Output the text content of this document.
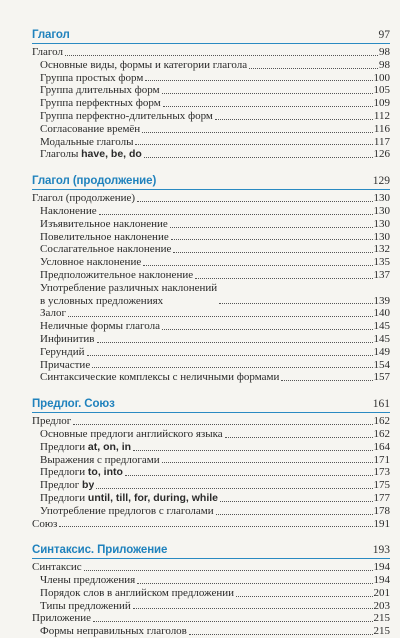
Глагол	97
Глагол	98
Основные виды, формы и категории глагола	98
Группа простых форм	100
Группа длительных форм	105
Группа перфектных форм	109
Группа перфектно-длительных форм	112
Согласование времён	116
Модальные глаголы	117
Глаголы have, be, do	126
Глагол (продолжение)	129
Глагол (продолжение)	130
Наклонение	130
Изъявительное наклонение	130
Повелительное наклонение	130
Сослагательное наклонение	132
Условное наклонение	135
Предположительное наклонение	137
Употребление различных наклонений
в условных предложениях	139
Залог	140
Неличные формы глагола	145
Инфинитив	145
Герундий	149
Причастие	154
Синтаксические комплексы с неличными формами	157
Предлог. Союз	161
Предлог	162
Основные предлоги английского языка	162
Предлоги at, on, in	164
Выражения с предлогами	171
Предлоги to, into	173
Предлог by	175
Предлоги until, till, for, during, while	177
Употребление предлогов с глаголами	178
Союз	191
Синтаксис. Приложение	193
Синтаксис	194
Члены предложения	194
Порядок слов в английском предложении	201
Типы предложений	203
Приложение	215
Формы неправильных глаголов	215
